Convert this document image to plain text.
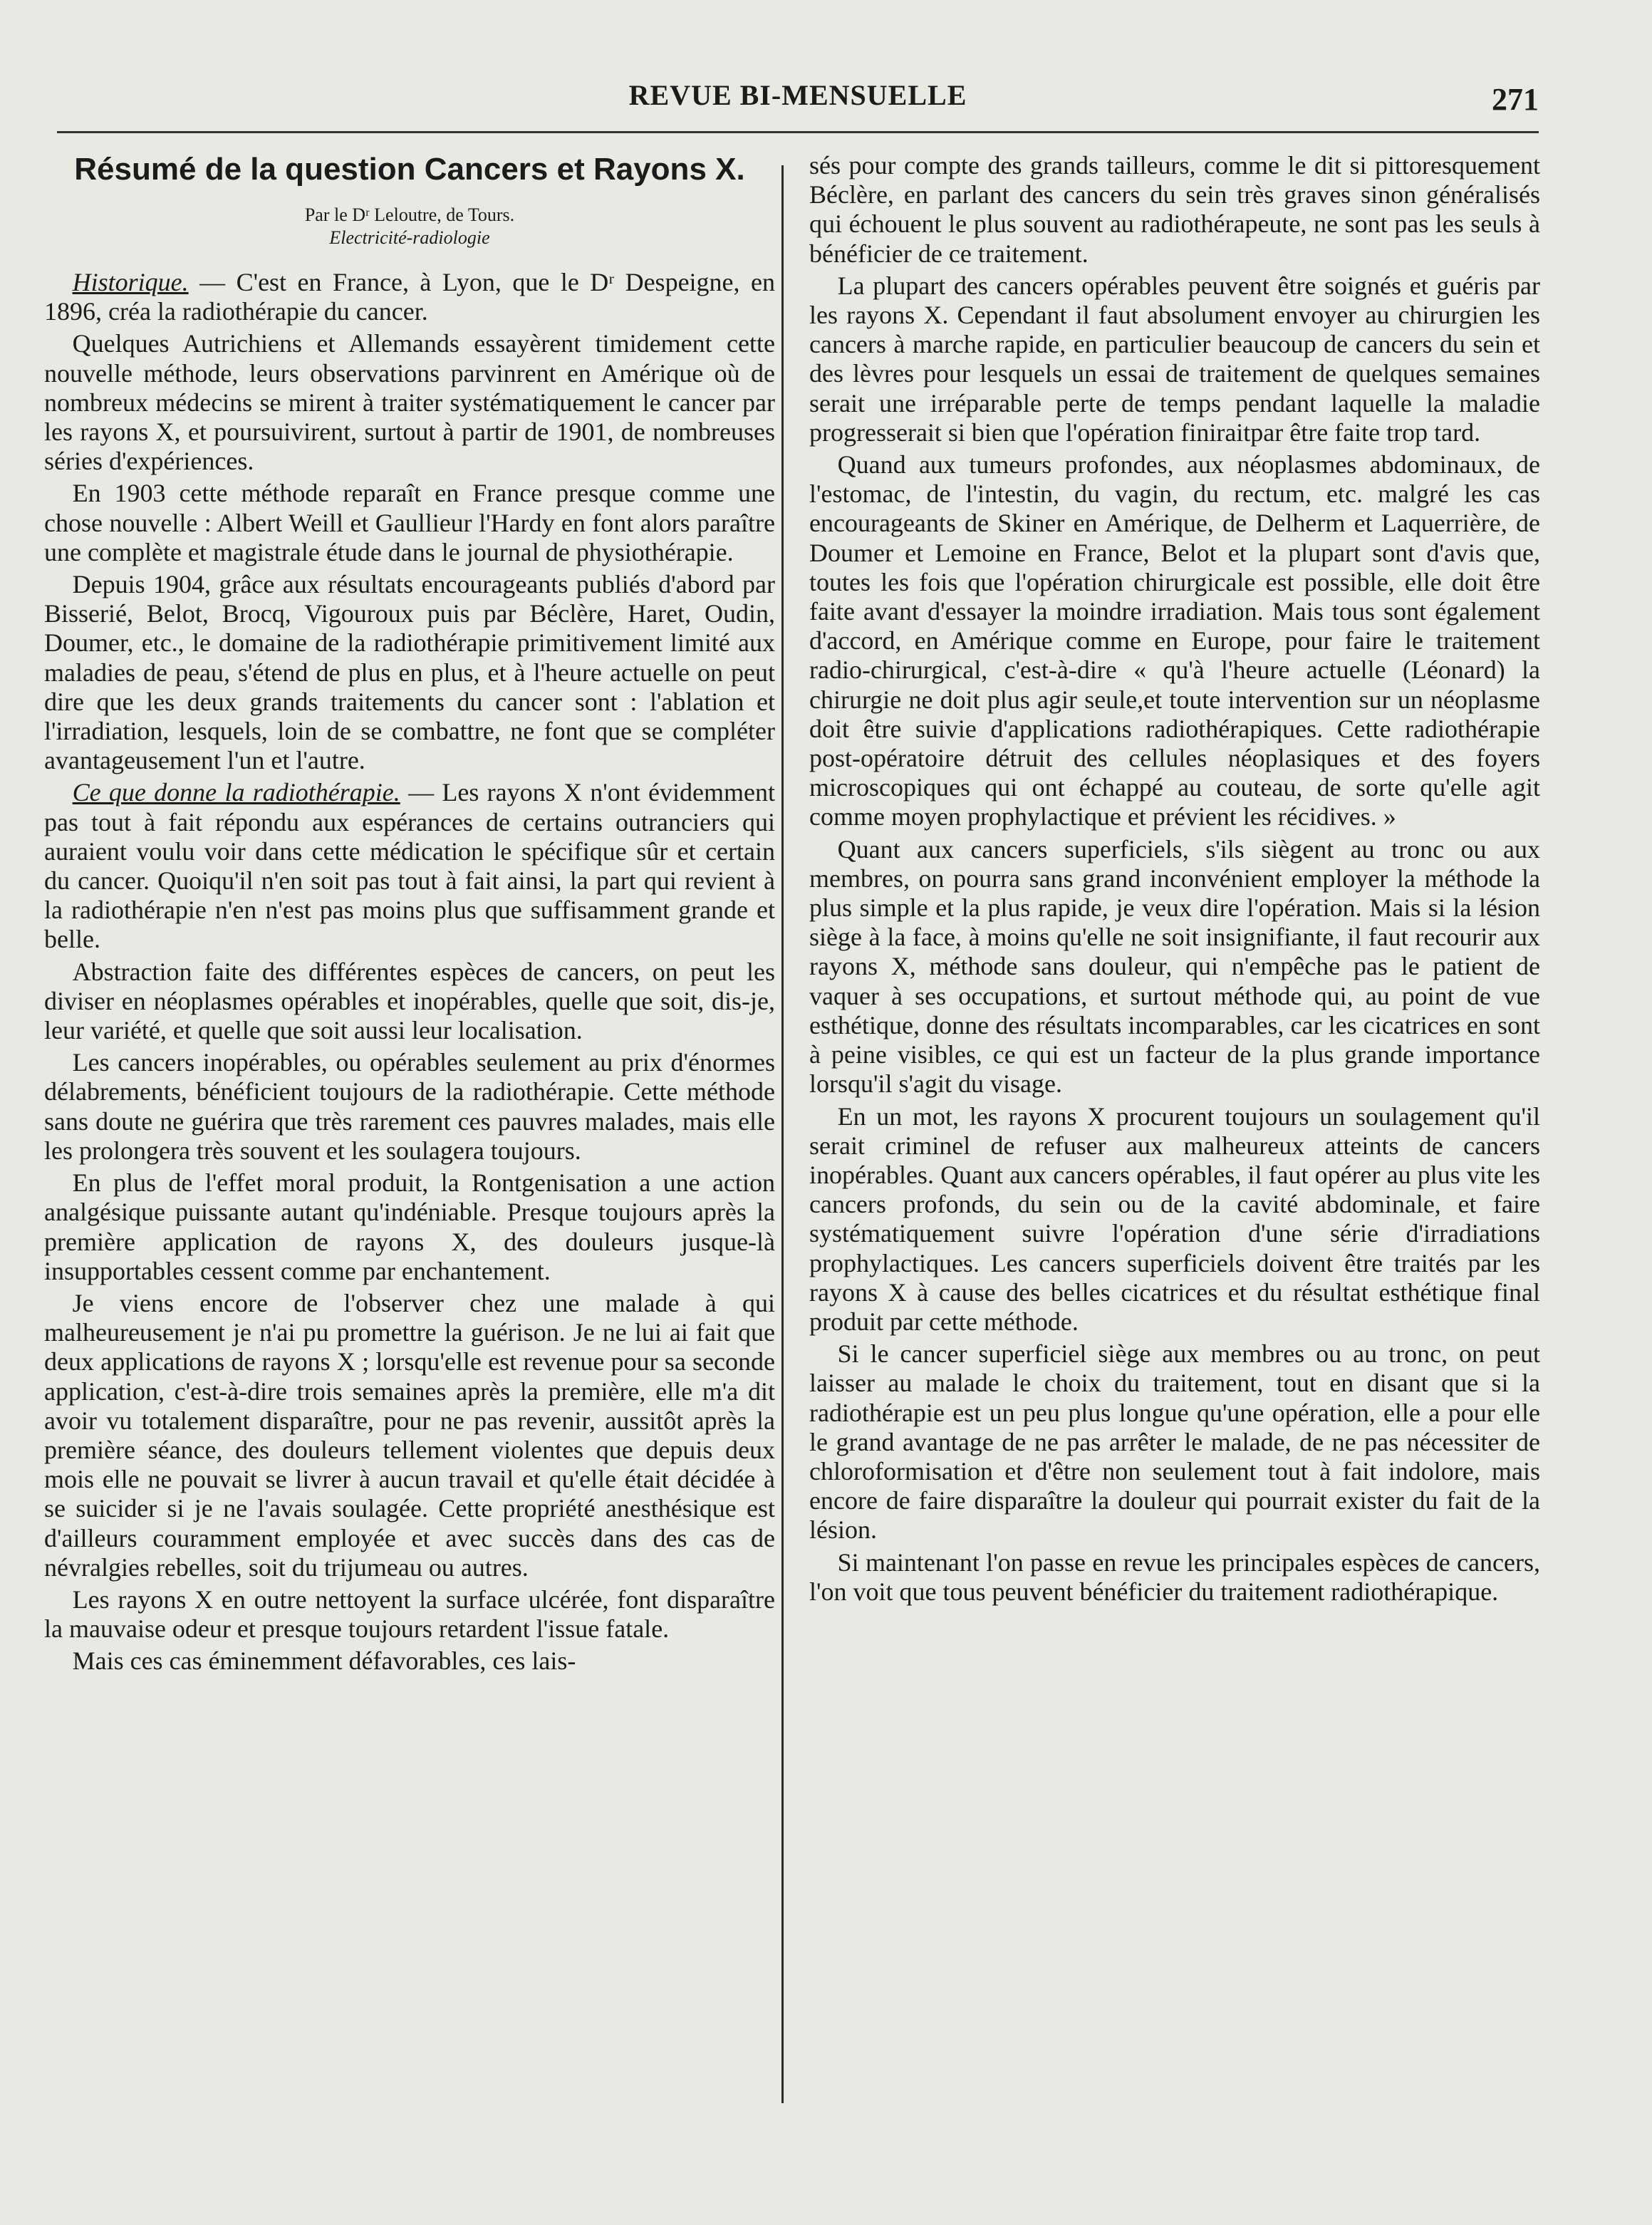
REVUE BI-MENSUELLE	271
Résumé de la question Cancers et Rayons X.
Par le Dʳ Leloutre, de Tours.
Electricité-radiologie

Historique. — C'est en France, à Lyon, que le Dʳ Despeigne, en 1896, créa la radiothérapie du cancer.

Quelques Autrichiens et Allemands essayèrent timidement cette nouvelle méthode, leurs observations parvinrent en Amérique où de nombreux médecins se mirent à traiter systématiquement le cancer par les rayons X, et poursuivirent, surtout à partir de 1901, de nombreuses séries d'expériences.

En 1903 cette méthode reparaît en France presque comme une chose nouvelle : Albert Weill et Gaullieur l'Hardy en font alors paraître une complète et magistrale étude dans le journal de physiothérapie.

Depuis 1904, grâce aux résultats encourageants publiés d'abord par Bisserié, Belot, Brocq, Vigouroux puis par Béclère, Haret, Oudin, Doumer, etc., le domaine de la radiothérapie primitivement limité aux maladies de peau, s'étend de plus en plus, et à l'heure actuelle on peut dire que les deux grands traitements du cancer sont : l'ablation et l'irradiation, lesquels, loin de se combattre, ne font que se compléter avantageusement l'un et l'autre.

Ce que donne la radiothérapie. — Les rayons X n'ont évidemment pas tout à fait répondu aux espérances de certains outranciers qui auraient voulu voir dans cette médication le spécifique sûr et certain du cancer. Quoiqu'il n'en soit pas tout à fait ainsi, la part qui revient à la radiothérapie n'en n'est pas moins plus que suffisamment grande et belle.

Abstraction faite des différentes espèces de cancers, on peut les diviser en néoplasmes opérables et inopérables, quelle que soit, dis-je, leur variété, et quelle que soit aussi leur localisation.

Les cancers inopérables, ou opérables seulement au prix d'énormes délabrements, bénéficient toujours de la radiothérapie. Cette méthode sans doute ne guérira que très rarement ces pauvres malades, mais elle les prolongera très souvent et les soulagera toujours.

En plus de l'effet moral produit, la Rontgenisation a une action analgésique puissante autant qu'indéniable. Presque toujours après la première application de rayons X, des douleurs jusque-là insupportables cessent comme par enchantement.

Je viens encore de l'observer chez une malade à qui malheureusement je n'ai pu promettre la guérison. Je ne lui ai fait que deux applications de rayons X ; lorsqu'elle est revenue pour sa seconde application, c'est-à-dire trois semaines après la première, elle m'a dit avoir vu totalement disparaître, pour ne pas revenir, aussitôt après la première séance, des douleurs tellement violentes que depuis deux mois elle ne pouvait se livrer à aucun travail et qu'elle était décidée à se suicider si je ne l'avais soulagée. Cette propriété anesthésique est d'ailleurs couramment employée et avec succès dans des cas de névralgies rebelles, soit du trijumeau ou autres.

Les rayons X en outre nettoyent la surface ulcérée, font disparaître la mauvaise odeur et presque toujours retardent l'issue fatale.

Mais ces cas éminemment défavorables, ces lais-

sés pour compte des grands tailleurs, comme le dit si pittoresquement Béclère, en parlant des cancers du sein très graves sinon généralisés qui échouent le plus souvent au radiothérapeute, ne sont pas les seuls à bénéficier de ce traitement.

La plupart des cancers opérables peuvent être soignés et guéris par les rayons X. Cependant il faut absolument envoyer au chirurgien les cancers à marche rapide, en particulier beaucoup de cancers du sein et des lèvres pour lesquels un essai de traitement de quelques semaines serait une irréparable perte de temps pendant laquelle la maladie progresserait si bien que l'opération finiraitpar être faite trop tard.

Quand aux tumeurs profondes, aux néoplasmes abdominaux, de l'estomac, de l'intestin, du vagin, du rectum, etc. malgré les cas encourageants de Skiner en Amérique, de Delherm et Laquerrière, de Doumer et Lemoine en France, Belot et la plupart sont d'avis que, toutes les fois que l'opération chirurgicale est possible, elle doit être faite avant d'essayer la moindre irradiation. Mais tous sont également d'accord, en Amérique comme en Europe, pour faire le traitement radio-chirurgical, c'est-à-dire « qu'à l'heure actuelle (Léonard) la chirurgie ne doit plus agir seule,et toute intervention sur un néoplasme doit être suivie d'applications radiothérapiques. Cette radiothérapie post-opératoire détruit des cellules néoplasiques et des foyers microscopiques qui ont échappé au couteau, de sorte qu'elle agit comme moyen prophylactique et prévient les récidives. »

Quant aux cancers superficiels, s'ils siègent au tronc ou aux membres, on pourra sans grand inconvénient employer la méthode la plus simple et la plus rapide, je veux dire l'opération. Mais si la lésion siège à la face, à moins qu'elle ne soit insignifiante, il faut recourir aux rayons X, méthode sans douleur, qui n'empêche pas le patient de vaquer à ses occupations, et surtout méthode qui, au point de vue esthétique, donne des résultats incomparables, car les cicatrices en sont à peine visibles, ce qui est un facteur de la plus grande importance lorsqu'il s'agit du visage.

En un mot, les rayons X procurent toujours un soulagement qu'il serait criminel de refuser aux malheureux atteints de cancers inopérables. Quant aux cancers opérables, il faut opérer au plus vite les cancers profonds, du sein ou de la cavité abdominale, et faire systématiquement suivre l'opération d'une série d'irradiations prophylactiques. Les cancers superficiels doivent être traités par les rayons X à cause des belles cicatrices et du résultat esthétique final produit par cette méthode.

Si le cancer superficiel siège aux membres ou au tronc, on peut laisser au malade le choix du traitement, tout en disant que si la radiothérapie est un peu plus longue qu'une opération, elle a pour elle le grand avantage de ne pas arrêter le malade, de ne pas nécessiter de chloroformisation et d'être non seulement tout à fait indolore, mais encore de faire disparaître la douleur qui pourrait exister du fait de la lésion.

Si maintenant l'on passe en revue les principales espèces de cancers, l'on voit que tous peuvent bénéficier du traitement radiothérapique.
